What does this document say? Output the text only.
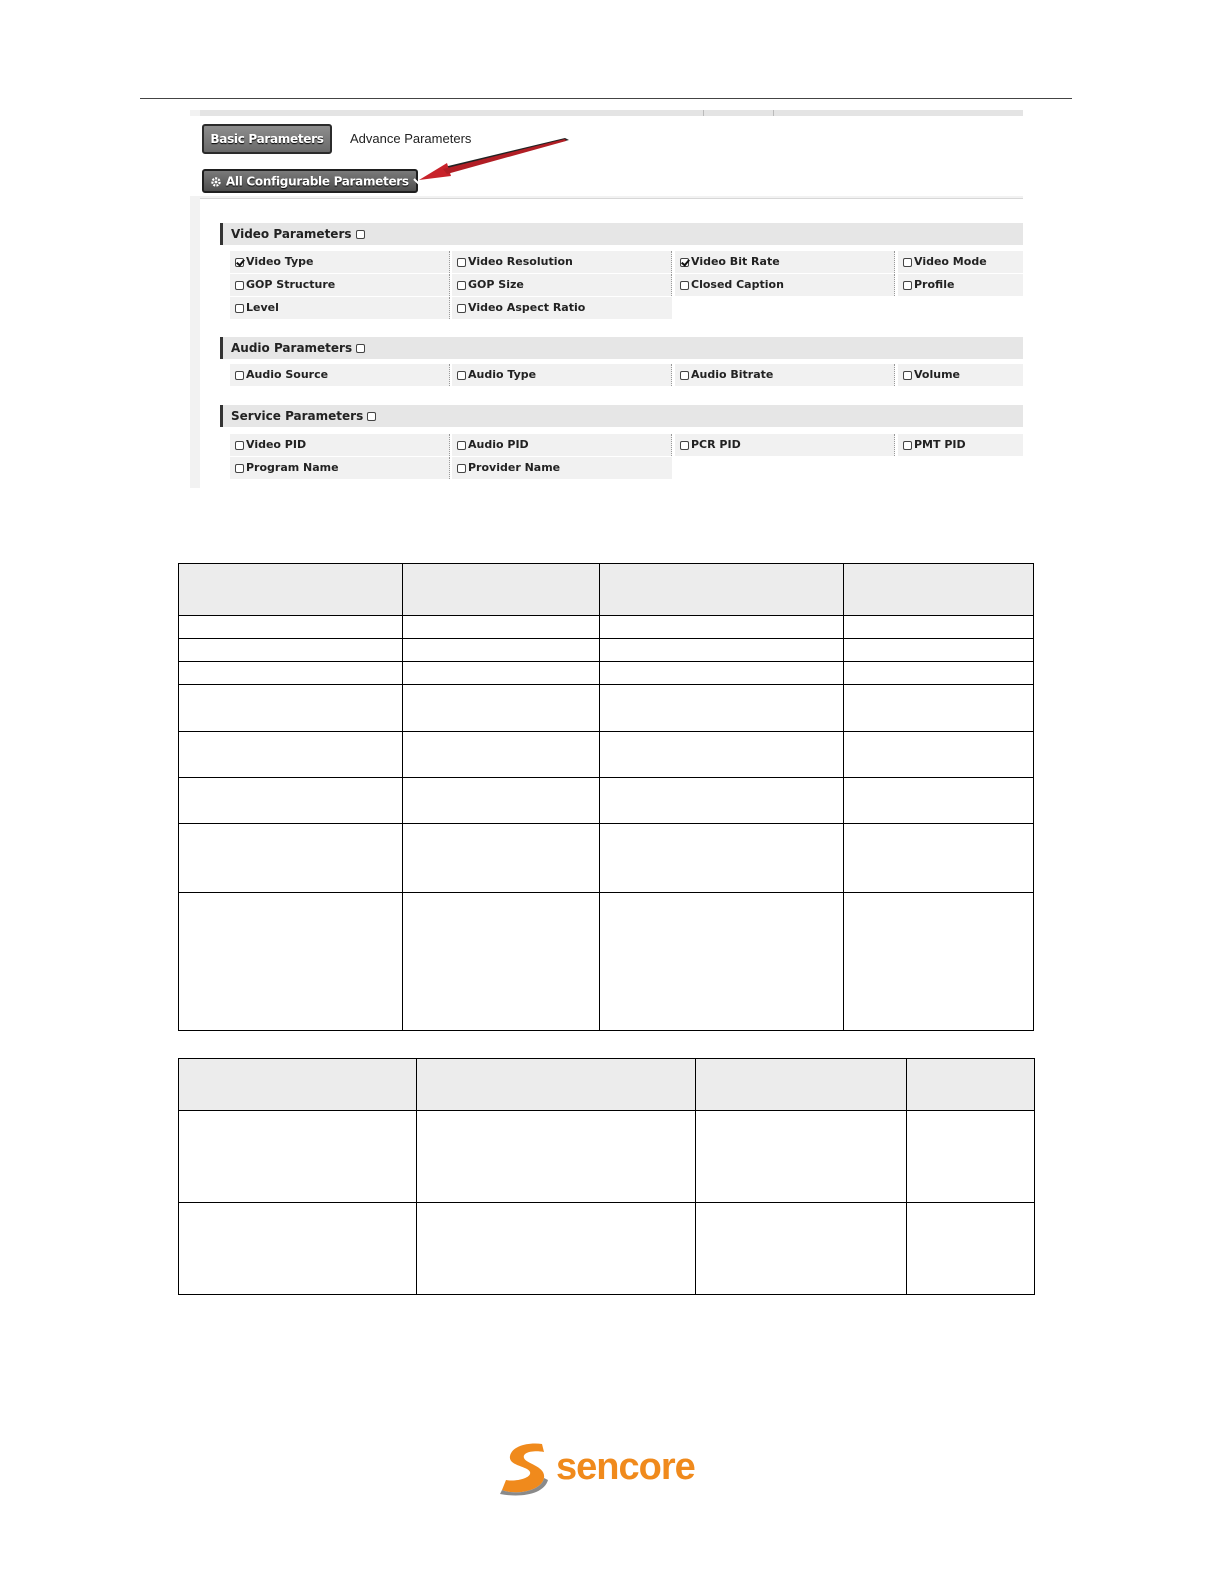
Basic Parameters	Advance Parameters
All Configurable Parameters
Video Parameters
Video Type	Video Resolution	Video Bit Rate	Video Mode
GOP Structure	GOP Size	Closed Caption	Profile
Level	Video Aspect Ratio
Audio Parameters
Audio Source	Audio Type	Audio Bitrate	Volume
Service Parameters
Video PID	Audio PID	PCR PID	PMT PID
Program Name	Provider Name

sencore
